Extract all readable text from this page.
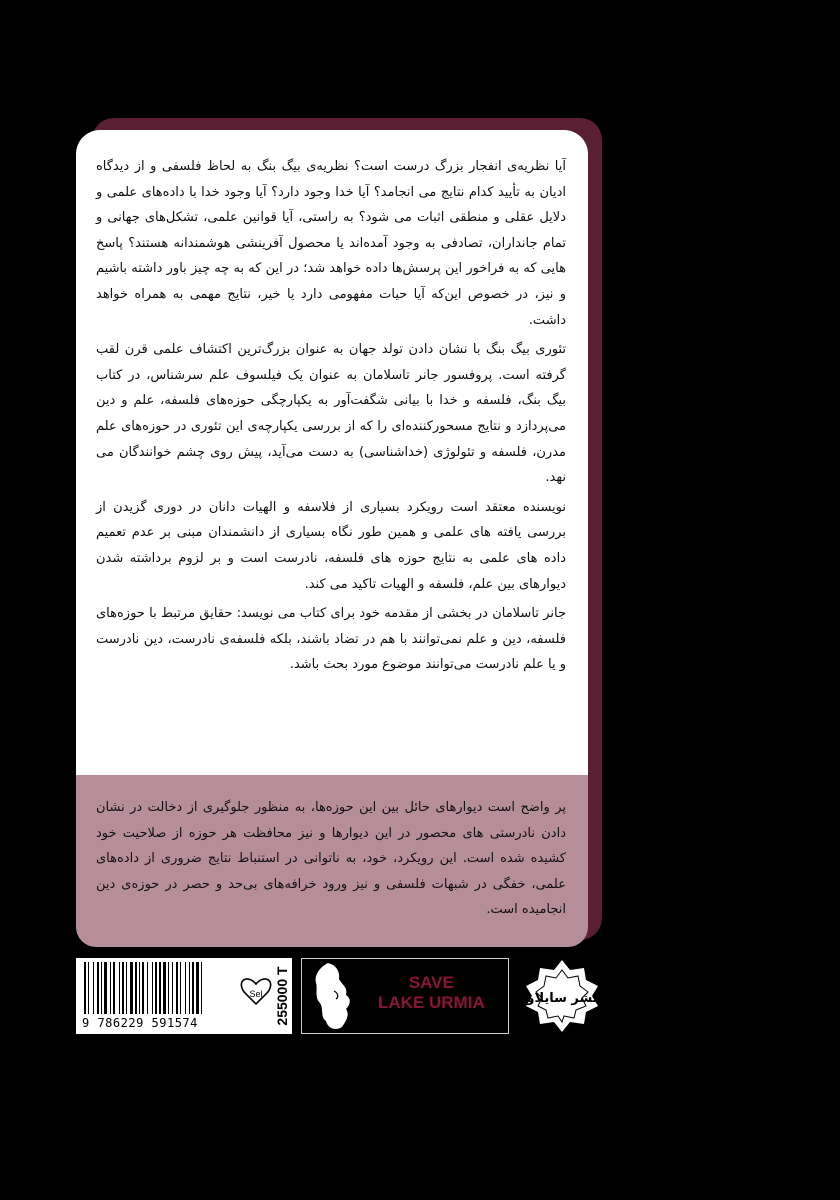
آیا نظریه‌ی انفجار بزرگ درست است؟ نظریه‌ی بیگ بنگ به لحاظ فلسفی و از دیدگاه ادیان به تأیید کدام نتایج می انجامد؟ آیا خدا وجود دارد؟ آیا وجود خدا با داده‌های علمی و دلایل عقلی و منطقی اثبات می شود؟ به راستی، آیا قوانین علمی، تشکل‌های جهانی و تمام جانداران، تصادفی به وجود آمده‌اند یا محصول آفرینشی هوشمندانه هستند؟ پاسخ هایی که به فراخور این پرسش‌ها داده خواهد شد؛ در این که به چه چیز باور داشته باشیم و نیز، در خصوص این‌که آیا حیات مفهومی دارد یا خیر، نتایج مهمی به همراه خواهد داشت.

تئوری بیگ بنگ با نشان دادن تولد جهان به عنوان بزرگ‌ترین اکتشاف علمی قرن لقب گرفته است. پروفسور جانر تاسلامان به عنوان یک فیلسوف علم سرشناس، در کتاب بیگ بنگ، فلسفه و خدا با بیانی شگفت‌آور به یکپارچگی حوزه‌های فلسفه، علم و دین می‌پردازد و نتایج مسحورکننده‌ای را که از بررسی یکپارچه‌ی این تئوری در حوزه‌های علم مدرن، فلسفه و تئولوژی (خداشناسی) به دست می‌آید، پیش روی چشم خوانندگان می نهد.

نویسنده معتقد است رویکرد بسیاری از فلاسفه و الهیات دانان در دوری گزیدن از بررسی یافته های علمی و همین طور نگاه بسیاری از دانشمندان مبنی بر عدم تعمیم داده های علمی به نتایج حوزه های فلسفه، نادرست است و بر لزوم برداشته شدن دیوارهای بین علم، فلسفه و الهیات تاکید می کند.

جانر تاسلامان در بخشی از مقدمه خود برای کتاب می نویسد: حقایق مرتبط با حوزه‌های فلسفه، دین و علم نمی‌توانند با هم در تضاد باشند، بلکه فلسفه‌ی نادرست، دین نادرست و یا علم نادرست می‌توانند موضوع مورد بحث باشد.

پر واضح است دیوارهای حائل بین این حوزه‌ها، به منظور جلوگیری از دخالت در نشان دادن نادرستی های محصور در این دیوارها و نیز محافظت هر حوزه از صلاحیت خود کشیده شده است. این رویکرد، خود، به ناتوانی در استنباط نتایج ضروری از داده‌های علمی، خفگی در شبهات فلسفی و نیز ورود خرافه‌های بی‌حد و حصر در حوزه‌ی دین انجامیده است.

Sel
9 786229 591574	255000 T	SAVE
LAKE URMIA	نشر سایلاو
